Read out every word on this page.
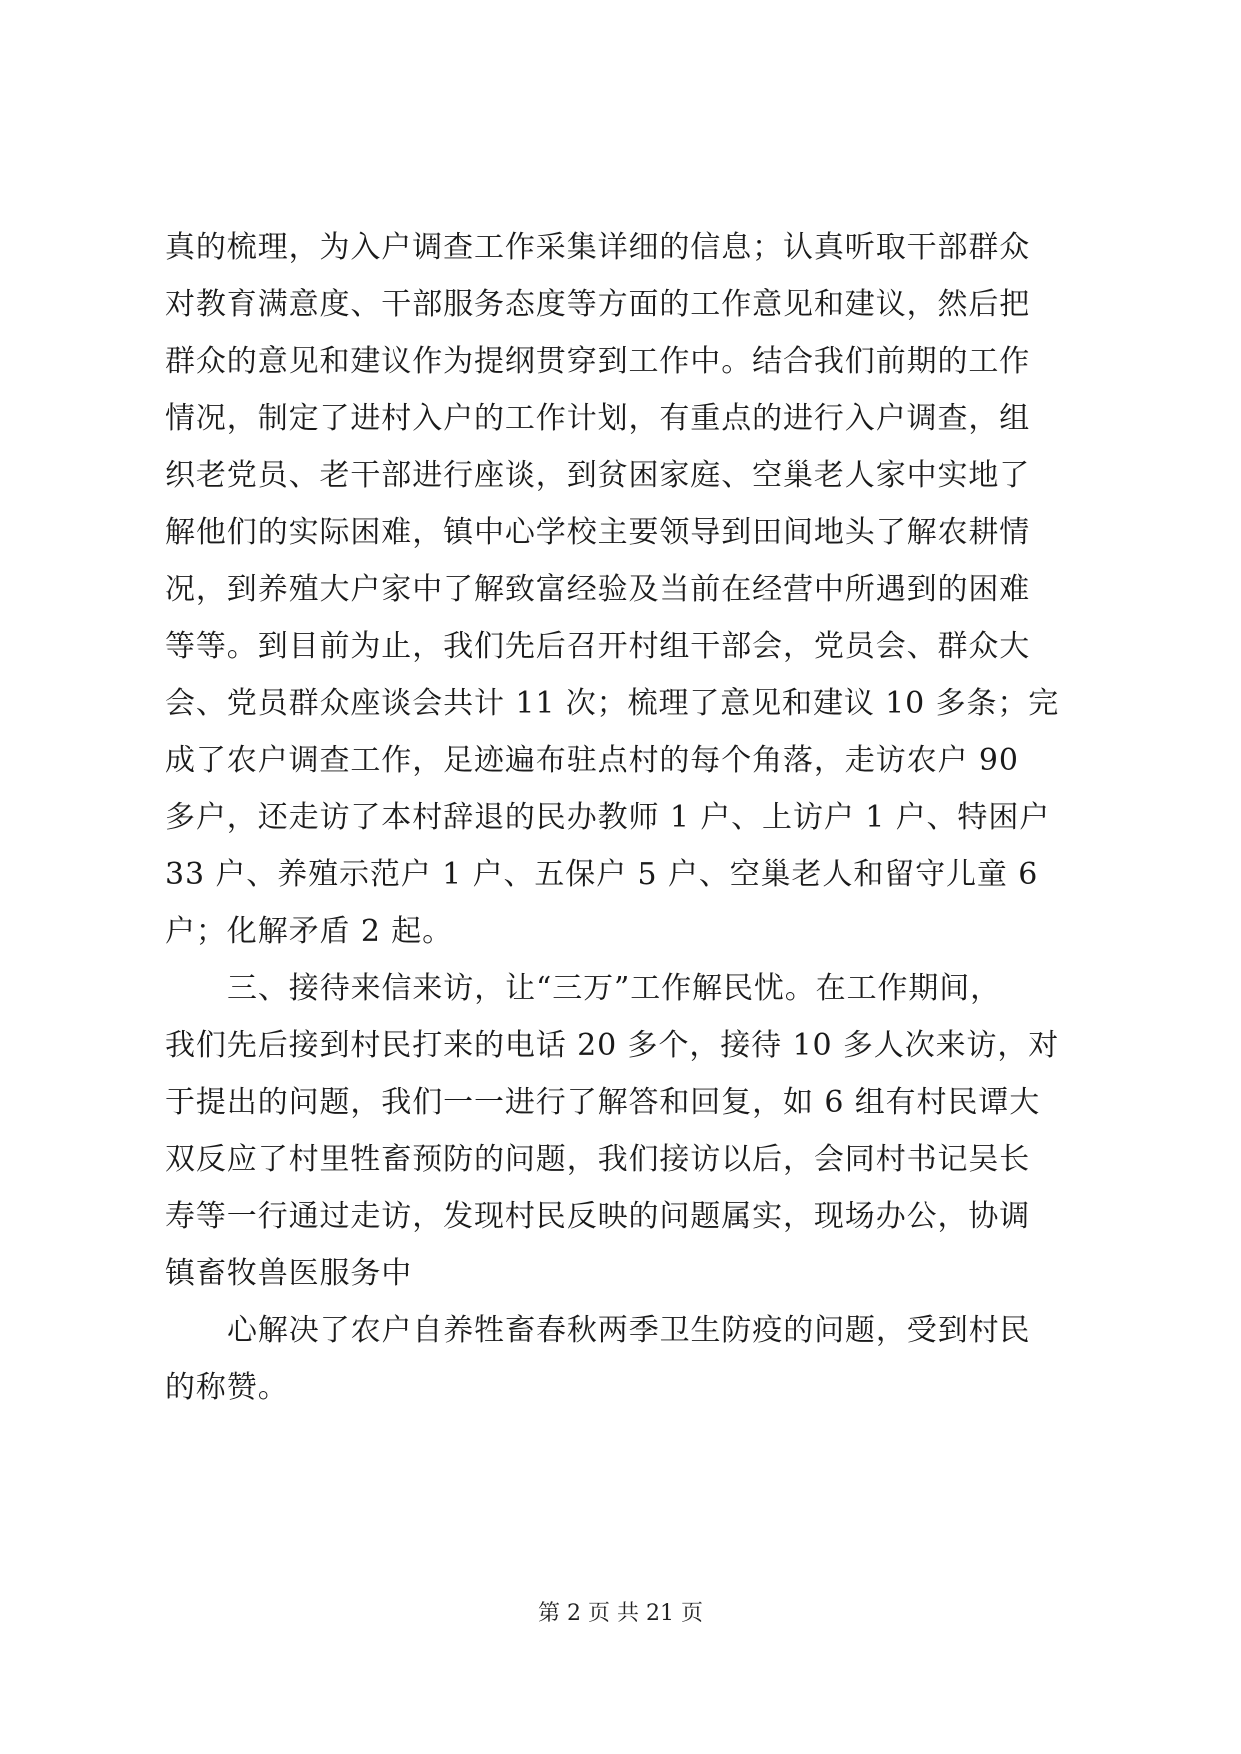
真的梳理，为入户调查工作采集详细的信息；认真听取干部群众
对教育满意度、干部服务态度等方面的工作意见和建议，然后把
群众的意见和建议作为提纲贯穿到工作中。结合我们前期的工作
情况，制定了进村入户的工作计划，有重点的进行入户调查，组
织老党员、老干部进行座谈，到贫困家庭、空巢老人家中实地了
解他们的实际困难，镇中心学校主要领导到田间地头了解农耕情
况，到养殖大户家中了解致富经验及当前在经营中所遇到的困难
等等。到目前为止，我们先后召开村组干部会，党员会、群众大
会、党员群众座谈会共计 11 次；梳理了意见和建议 10 多条；完
成了农户调查工作，足迹遍布驻点村的每个角落，走访农户 90
多户，还走访了本村辞退的民办教师 1 户、上访户 1 户、特困户
33 户、养殖示范户 1 户、五保户 5 户、空巢老人和留守儿童 6
户；化解矛盾 2 起。
三、接待来信来访，让“三万”工作解民忧。在工作期间，
我们先后接到村民打来的电话 20 多个，接待 10 多人次来访，对
于提出的问题，我们一一进行了解答和回复，如 6 组有村民谭大
双反应了村里牲畜预防的问题，我们接访以后，会同村书记吴长
寿等一行通过走访，发现村民反映的问题属实，现场办公，协调
镇畜牧兽医服务中
心解决了农户自养牲畜春秋两季卫生防疫的问题，受到村民
的称赞。
第 2 页 共 21 页
